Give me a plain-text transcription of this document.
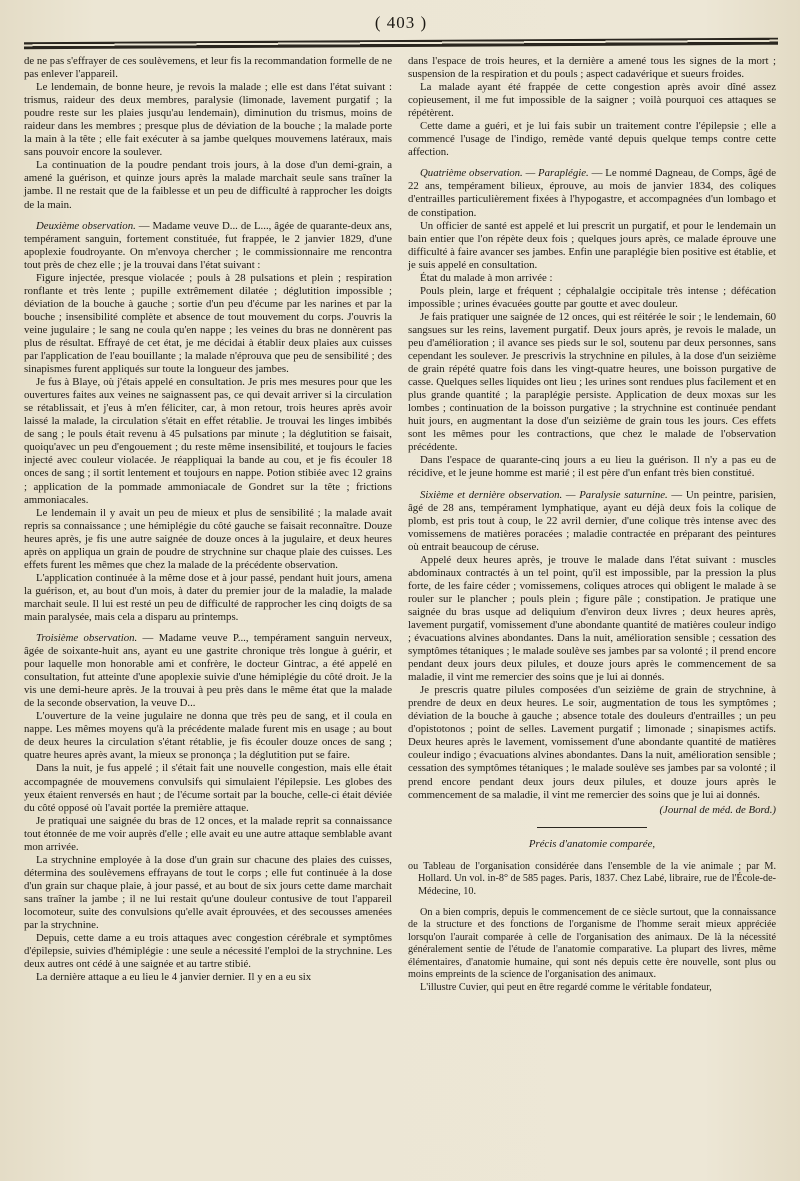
( 403 )

de ne pas s'effrayer de ces soulèvemens, et leur fis la recommandation formelle de ne pas enlever l'appareil.

Le lendemain, de bonne heure, je revois la malade ; elle est dans l'état suivant : trismus, raideur des deux membres, paralysie (limonade, lavement purgatif ; la poudre reste sur les plaies jusqu'au lendemain), diminution du trismus, moins de raideur dans les membres ; presque plus de déviation de la bouche ; la malade porte la main à la tête ; elle fait exécuter à sa jambe quelques mouvemens latéraux, mais sans pouvoir encore la soulever.

La continuation de la poudre pendant trois jours, à la dose d'un demi-grain, a amené la guérison, et quinze jours après la malade marchait seule sans traîner la jambe. Il ne restait que de la faiblesse et un peu de difficulté à rapprocher les doigts de la main.

Deuxième observation. — Madame veuve D... de L..., âgée de quarante-deux ans, tempérament sanguin, fortement constituée, fut frappée, le 2 janvier 1829, d'une apoplexie foudroyante. On m'envoya chercher ; le commissionnaire me rencontra tout près de chez elle ; je la trouvai dans l'état suivant :

Figure injectée, presque violacée ; pouls à 28 pulsations et plein ; respiration ronflante et très lente ; pupille extrêmement dilatée ; déglutition impossible ; déviation de la bouche à gauche ; sortie d'un peu d'écume par les narines et par la bouche ; insensibilité complète et absence de tout mouvement du corps. J'ouvris la veine jugulaire ; le sang ne coula qu'en nappe ; les veines du bras ne donnèrent pas plus de résultat. Effrayé de cet état, je me décidai à établir deux plaies aux cuisses par l'application de l'eau bouillante ; la malade n'éprouva que peu de sensibilité ; des sinapismes furent appliqués sur toute la longueur des jambes.

Je fus à Blaye, où j'étais appelé en consultation. Je pris mes mesures pour que les ouvertures faites aux veines ne saignassent pas, ce qui devait arriver si la circulation se rétablissait, et j'eus à m'en féliciter, car, à mon retour, trois heures après avoir laissé la malade, la circulation s'était en effet rétablie. Je trouvai les linges imbibés de sang ; le pouls était revenu à 45 pulsations par minute ; la déglutition se faisait, quoiqu'avec un peu d'engouement ; du reste même insensibilité, et toujours le facies injecté avec couleur violacée. Je réappliquai la bande au cou, et je fis écouler 18 onces de sang ; il sortit lentement et toujours en nappe. Potion stibiée avec 12 grains ; application de la pommade ammoniacale de Gondret sur la tête ; frictions ammoniacales.

Le lendemain il y avait un peu de mieux et plus de sensibilité ; la malade avait repris sa connaissance ; une hémiplégie du côté gauche se faisait reconnaître. Douze heures après, je fis une autre saignée de douze onces à la jugulaire, et deux heures après on appliqua un grain de poudre de strychnine sur chaque plaie des cuisses. Les effets furent les mêmes que chez la malade de la précédente observation.

L'application continuée à la même dose et à jour passé, pendant huit jours, amena la guérison, et, au bout d'un mois, à dater du premier jour de la maladie, la malade marchait seule. Il lui est resté un peu de difficulté de rapprocher les cinq doigts de sa main paralysée, mais cela a disparu au printemps.

Troisième observation. — Madame veuve P..., tempérament sanguin nerveux, âgée de soixante-huit ans, ayant eu une gastrite chronique très longue à guérir, et pour laquelle mon honorable ami et confrère, le docteur Gintrac, a été appelé en consultation, fut atteinte d'une apoplexie suivie d'une hémiplégie du côté droit. Je la vis une demi-heure après. Je la trouvai à peu près dans le même état que la malade de la seconde observation, la veuve D...

L'ouverture de la veine jugulaire ne donna que très peu de sang, et il coula en nappe. Les mêmes moyens qu'à la précédente malade furent mis en usage ; au bout de deux heures la circulation s'étant rétablie, je fis écouler douze onces de sang ; quatre heures après avant, la mieux se prononça ; la déglutition put se faire.

Dans la nuit, je fus appelé ; il s'était fait une nouvelle congestion, mais elle était accompagnée de mouvemens convulsifs qui simulaient l'épilepsie. Les globes des yeux étaient renversés en haut ; de l'écume sortait par la bouche, celle-ci était déviée du côté opposé où l'avait portée la première attaque.

Je pratiquai une saignée du bras de 12 onces, et la malade reprit sa connaissance tout étonnée de me voir auprès d'elle ; elle avait eu une autre attaque semblable avant mon arrivée.

La strychnine employée à la dose d'un grain sur chacune des plaies des cuisses, détermina des soulèvemens effrayans de tout le corps ; elle fut continuée à la dose d'un grain sur chaque plaie, à jour passé, et au bout de six jours cette dame marchait sans traîner la jambe ; il ne lui restait qu'une douleur contusive de tout l'appareil locomoteur, suite des convulsions qu'elle avait éprouvées, et des secousses amenées par la strychnine.

Depuis, cette dame a eu trois attaques avec congestion cérébrale et symptômes d'épilepsie, suivies d'hémiplégie : une seule a nécessité l'emploi de la strychnine. Les deux autres ont cédé à une saignée et au tartre stibié.

La dernière attaque a eu lieu le 4 janvier dernier. Il y en a eu six

dans l'espace de trois heures, et la dernière a amené tous les signes de la mort ; suspension de la respiration et du pouls ; aspect cadavérique et sueurs froides.

La malade ayant été frappée de cette congestion après avoir dîné assez copieusement, il me fut impossible de la saigner ; voilà pourquoi ces attaques se répétèrent.

Cette dame a guéri, et je lui fais subir un traitement contre l'épilepsie ; elle a commencé l'usage de l'indigo, remède vanté depuis quelque temps contre cette affection.

Quatrième observation. — Paraplégie. — Le nommé Dagneau, de Comps, âgé de 22 ans, tempérament bilieux, éprouve, au mois de janvier 1834, des coliques d'entrailles particulièrement fixées à l'hypogastre, et accompagnées d'un lombago et de constipation.

Un officier de santé est appelé et lui prescrit un purgatif, et pour le lendemain un bain entier que l'on répète deux fois ; quelques jours après, ce malade éprouve une difficulté à faire avancer ses jambes. Enfin une paraplégie bien positive est établie, et je suis appelé en consultation.

État du malade à mon arrivée :

Pouls plein, large et fréquent ; céphalalgie occipitale très intense ; défécation impossible ; urines évacuées goutte par goutte et avec douleur.

Je fais pratiquer une saignée de 12 onces, qui est réitérée le soir ; le lendemain, 60 sangsues sur les reins, lavement purgatif. Deux jours après, je revois le malade, un peu d'amélioration ; il avance ses pieds sur le sol, soutenu par deux personnes, sans cependant les soulever. Je prescrivis la strychnine en pilules, à la dose d'un seizième de grain répété quatre fois dans les vingt-quatre heures, une boisson purgative de casse. Quelques selles liquides ont lieu ; les urines sont rendues plus facilement et en plus grande quantité ; la paraplégie persiste. Application de deux moxas sur les lombes ; continuation de la boisson purgative ; la strychnine est continuée pendant huit jours, en augmentant la dose d'un seizième de grain tous les jours. Ces effets sont les mêmes pour les contractions, que chez le malade de l'observation précédente.

Dans l'espace de quarante-cinq jours a eu lieu la guérison. Il n'y a pas eu de récidive, et le jeune homme est marié ; il est père d'un enfant très bien constitué.

Sixième et dernière observation. — Paralysie saturnine. — Un peintre, parisien, âgé de 28 ans, tempérament lymphatique, ayant eu déjà deux fois la colique de plomb, est pris tout à coup, le 22 avril dernier, d'une colique très intense avec des vomissemens de matières poracées ; maladie contractée en préparant des peintures où entrait beaucoup de céruse.

Appelé deux heures après, je trouve le malade dans l'état suivant : muscles abdominaux contractés à un tel point, qu'il est impossible, par la pression la plus forte, de les faire céder ; vomissemens, coliques atroces qui obligent le malade à se rouler sur le plancher ; pouls plein ; figure pâle ; constipation. Je pratique une saignée du bras usque ad deliquium d'environ deux livres ; deux heures après, lavement purgatif, vomissement d'une abondante quantité de matières couleur indigo ; évacuations alvines abondantes. Dans la nuit, amélioration sensible ; cessation des symptômes tétaniques ; le malade soulève ses jambes par sa volonté ; il prend encore pendant deux jours deux pilules, et douze jours après le commencement de sa maladie, il vint me remercier des soins que je lui ai donnés.

Je prescris quatre pilules composées d'un seizième de grain de strychnine, à prendre de deux en deux heures. Le soir, augmentation de tous les symptômes ; déviation de la bouche à gauche ; absence totale des douleurs d'entrailles ; un peu d'opistotonos ; point de selles. Lavement purgatif ; limonade ; sinapismes actifs. Deux heures après le lavement, vomissement d'une abondante quantité de matières couleur indigo ; évacuations alvines abondantes. Dans la nuit, amélioration sensible ; cessation des symptômes tétaniques ; le malade soulève ses jambes par sa volonté ; il prend encore pendant deux jours deux pilules, et douze jours après le commencement de sa maladie, il vint me remercier des soins que je lui ai donnés.

(Journal de méd. de Bord.)
Précis d'anatomie comparée,

ou Tableau de l'organisation considérée dans l'ensemble de la vie animale ; par M. Hollard. Un vol. in-8° de 585 pages. Paris, 1837. Chez Labé, libraire, rue de l'École-de-Médecine, 10.

On a bien compris, depuis le commencement de ce siècle surtout, que la connaissance de la structure et des fonctions de l'organisme de l'homme serait mieux appréciée lorsqu'on l'aurait comparée à celle de l'organisation des animaux. De là la nécessité généralement sentie de l'étude de l'anatomie comparative. La plupart des livres, même élémentaires, d'anatomie humaine, qui sont nés depuis cette ère nouvelle, sont plus ou moins empreints de la science de l'organisation des animaux.

L'illustre Cuvier, qui peut en être regardé comme le véritable fondateur,
